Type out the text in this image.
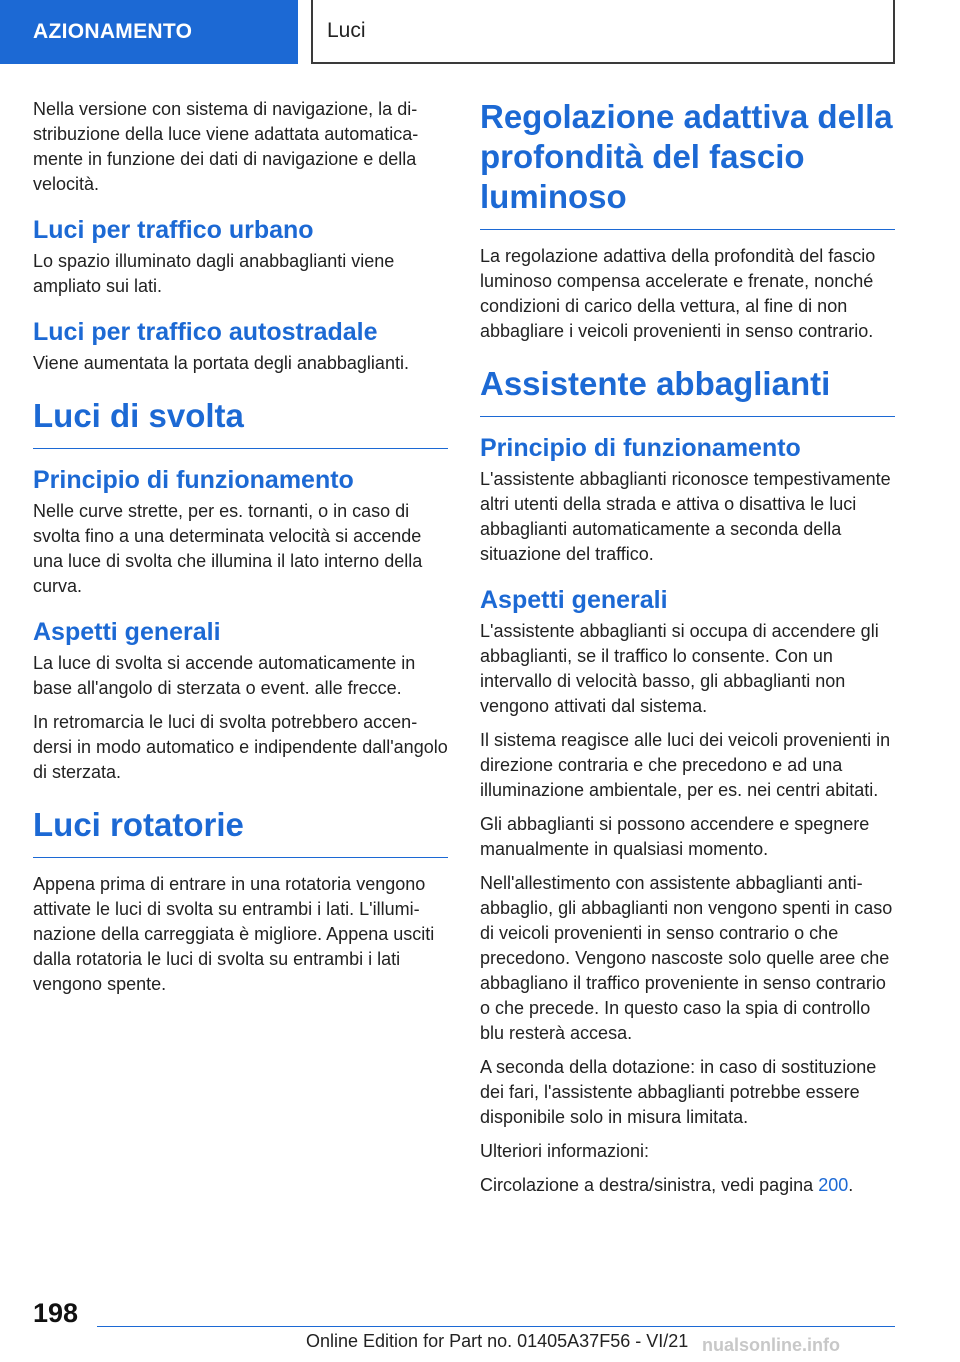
AZIONAMENTO	Luci

Nella versione con sistema di navigazione, la distribuzione della luce viene adattata automaticamente in funzione dei dati di navigazione e della velocità.

Luci per traffico urbano

Lo spazio illuminato dagli anabbaglianti viene ampliato sui lati.

Luci per traffico autostradale

Viene aumentata la portata degli anabbaglianti.

Luci di svolta
Principio di funzionamento

Nelle curve strette, per es. tornanti, o in caso di svolta fino a una determinata velocità si accende una luce di svolta che illumina il lato interno della curva.

Aspetti generali

La luce di svolta si accende automaticamente in base all'angolo di sterzata o event. alle frecce.

In retromarcia le luci di svolta potrebbero accendersi in modo automatico e indipendente dall'angolo di sterzata.

Luci rotatorie

Appena prima di entrare in una rotatoria vengono attivate le luci di svolta su entrambi i lati. L'illuminazione della carreggiata è migliore. Appena usciti dalla rotatoria le luci di svolta su entrambi i lati vengono spente.

Regolazione adattiva della profondità del fascio luminoso

La regolazione adattiva della profondità del fascio luminoso compensa accelerate e frenate, nonché condizioni di carico della vettura, al fine di non abbagliare i veicoli provenienti in senso contrario.

Assistente abbaglianti
Principio di funzionamento

L'assistente abbaglianti riconosce tempestivamente altri utenti della strada e attiva o disattiva le luci abbaglianti automaticamente a seconda della situazione del traffico.

Aspetti generali

L'assistente abbaglianti si occupa di accendere gli abbaglianti, se il traffico lo consente. Con un intervallo di velocità basso, gli abbaglianti non vengono attivati dal sistema.

Il sistema reagisce alle luci dei veicoli provenienti in direzione contraria e che precedono e ad una illuminazione ambientale, per es. nei centri abitati.

Gli abbaglianti si possono accendere e spegnere manualmente in qualsiasi momento.

Nell'allestimento con assistente abbaglianti antiabbaglio, gli abbaglianti non vengono spenti in caso di veicoli provenienti in senso contrario o che precedono. Vengono nascoste solo quelle aree che abbagliano il traffico proveniente in senso contrario o che precede. In questo caso la spia di controllo blu resterà accesa.

A seconda della dotazione: in caso di sostituzione dei fari, l'assistente abbaglianti potrebbe essere disponibile solo in misura limitata.

Ulteriori informazioni:

Circolazione a destra/sinistra, vedi pagina 200.

198
Online Edition for Part no. 01405A37F56 - VI/21 nualsonline.info
